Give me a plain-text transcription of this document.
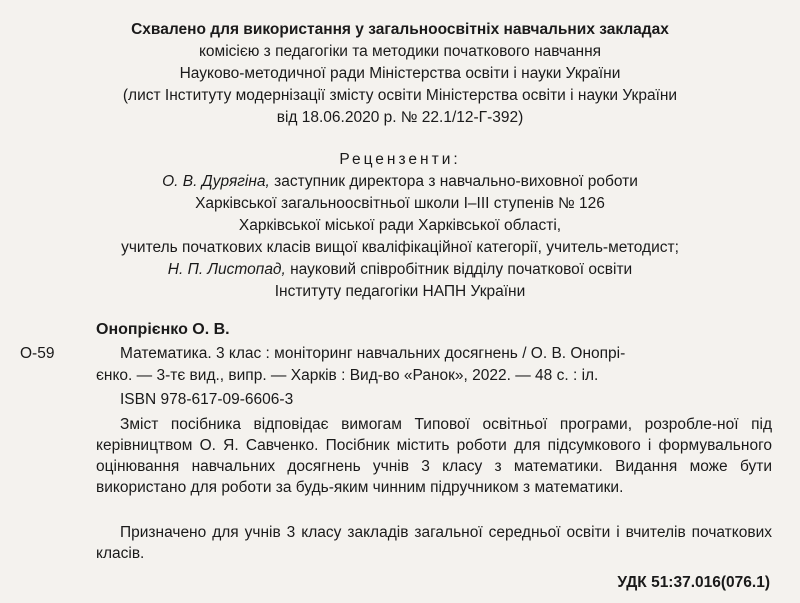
Схвалено для використання у загальноосвітніх навчальних закладах
комісією з педагогіки та методики початкового навчання
Науково-методичної ради Міністерства освіти і науки України
(лист Інституту модернізації змісту освіти Міністерства освіти і науки України
від 18.06.2020 р. № 22.1/12-Г-392)
Рецензенти:
О. В. Дурягіна, заступник директора з навчально-виховної роботи
Харківської загальноосвітньої школи І–ІІІ ступенів № 126
Харківської міської ради Харківської області,
учитель початкових класів вищої кваліфікаційної категорії, учитель-методист;
Н. П. Листопад, науковий співробітник відділу початкової освіти
Інституту педагогіки НАПН України
Онопрієнко О. В.
О-59	Математика. 3 клас : моніторинг навчальних досягнень / О. В. Онопрі-
єнко. — 3-тє вид., випр. — Харків : Вид-во «Ранок», 2022. — 48 с. : іл.
ISBN 978-617-09-6606-3
Зміст посібника відповідає вимогам Типової освітньої програми, розробле-ної під керівництвом О. Я. Савченко. Посібник містить роботи для підсумкового і формувального оцінювання навчальних досягнень учнів 3 класу з математики. Видання може бути використано для роботи за будь-яким чинним підручником з математики.
Призначено для учнів 3 класу закладів загальної середньої освіти і вчителів початкових класів.
УДК 51:37.016(076.1)
